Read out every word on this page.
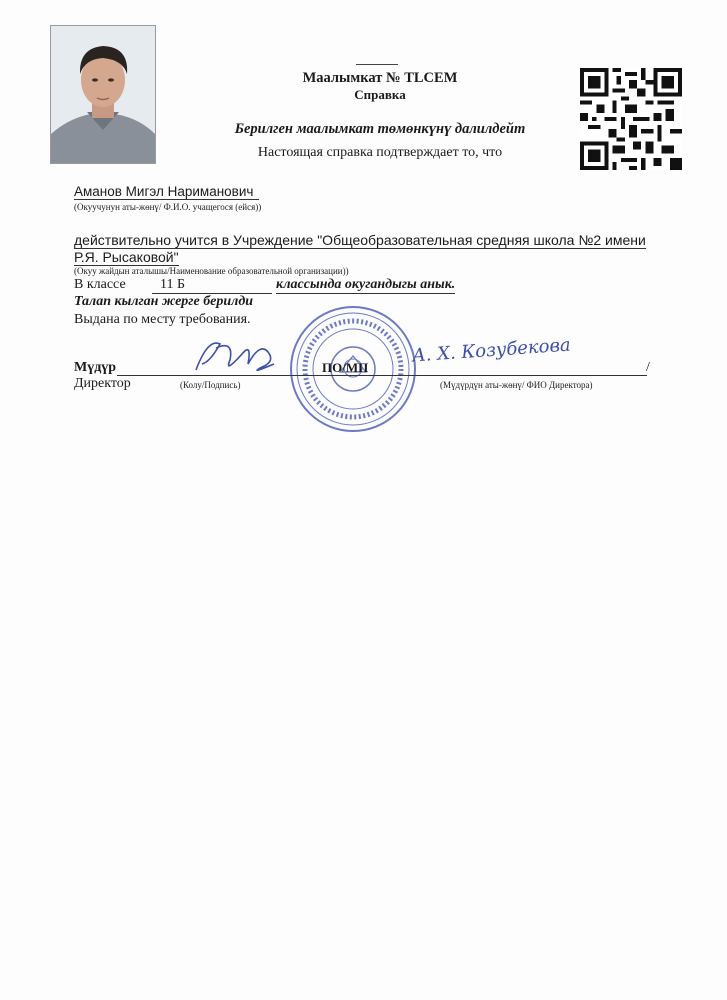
Маалымкат № TLCEM
Справка
Берилген маалымкат төмөнкүнү далилдейт
Настоящая справка подтверждает то, что
Аманов Мигэл Нариманович
(Окуучунун аты-жөнү/ Ф.И.О. учащегося (ейся))
действительно учится в Учреждение "Общеобразовательная средняя школа №2 имени Р.Я. Рысаковой"
(Окуу жайдын аталышы/Наименование образовательной организации))
В классе 11 Б	классында окугандыгы анык.
Талап кылган жерге берилди
Выдана по месту требования.
Мүдүр
Директор
ПО/МП
А. Х. Козубекова
/
(Колу/Подпись)	(Мүдүрдүн аты-жөнү/ ФИО Директора)
